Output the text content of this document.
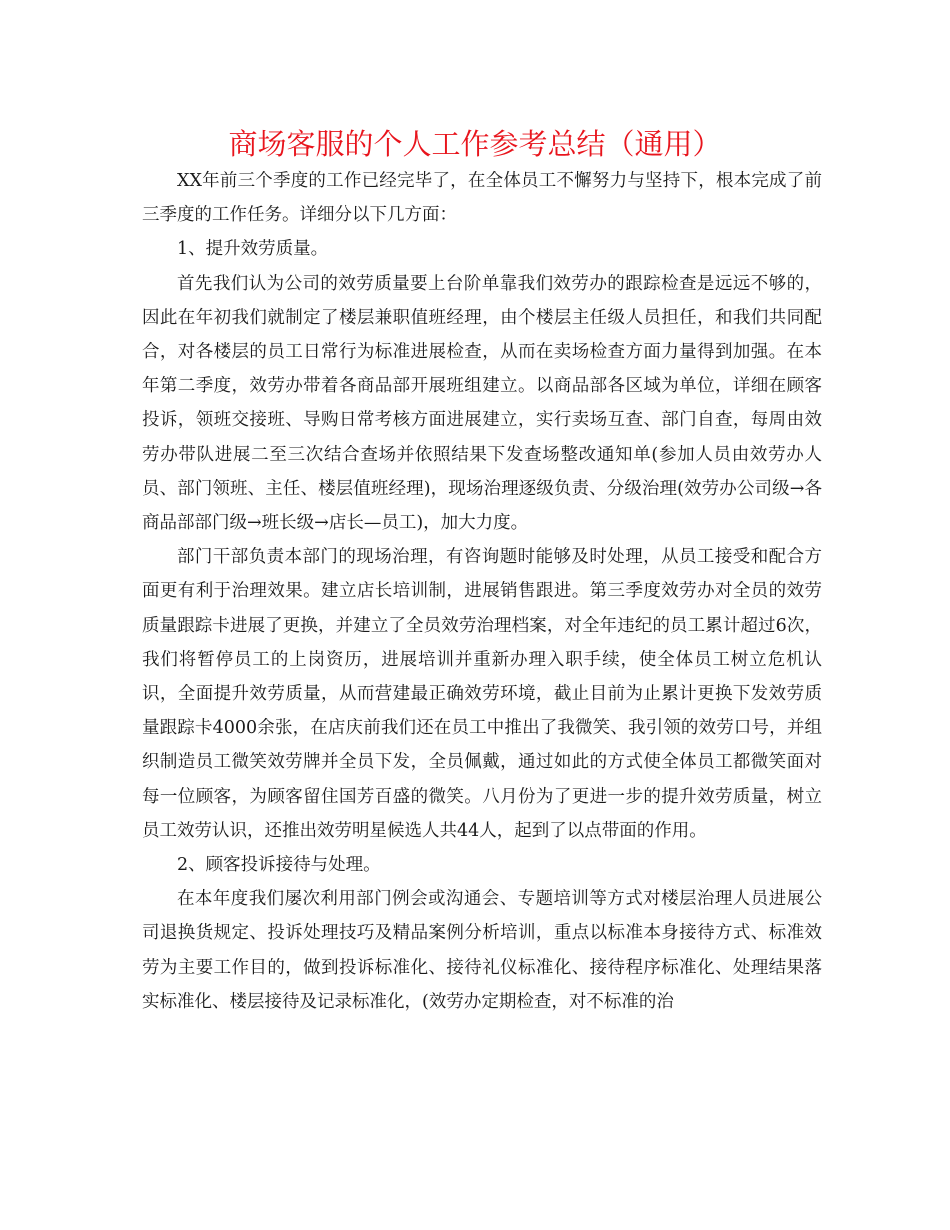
商场客服的个人工作参考总结（通用）

XX年前三个季度的工作已经完毕了，在全体员工不懈努力与坚持下，根本完成了前三季度的工作任务。详细分以下几方面：

1、提升效劳质量。

首先我们认为公司的效劳质量要上台阶单靠我们效劳办的跟踪检查是远远不够的，因此在年初我们就制定了楼层兼职值班经理，由个楼层主任级人员担任，和我们共同配合，对各楼层的员工日常行为标准进展检查，从而在卖场检查方面力量得到加强。在本年第二季度，效劳办带着各商品部开展班组建立。以商品部各区域为单位，详细在顾客投诉，领班交接班、导购日常考核方面进展建立，实行卖场互查、部门自查，每周由效劳办带队进展二至三次结合查场并依照结果下发查场整改通知单(参加人员由效劳办人员、部门领班、主任、楼层值班经理)，现场治理逐级负责、分级治理(效劳办公司级→各商品部部门级→班长级→店长—员工)，加大力度。

部门干部负责本部门的现场治理，有咨询题时能够及时处理，从员工接受和配合方面更有利于治理效果。建立店长培训制，进展销售跟进。第三季度效劳办对全员的效劳质量跟踪卡进展了更换，并建立了全员效劳治理档案，对全年违纪的员工累计超过6次，我们将暂停员工的上岗资历，进展培训并重新办理入职手续，使全体员工树立危机认识，全面提升效劳质量，从而营建最正确效劳环境，截止目前为止累计更换下发效劳质量跟踪卡4000余张，在店庆前我们还在员工中推出了我微笑、我引领的效劳口号，并组织制造员工微笑效劳牌并全员下发，全员佩戴，通过如此的方式使全体员工都微笑面对每一位顾客，为顾客留住国芳百盛的微笑。八月份为了更进一步的提升效劳质量，树立员工效劳认识，还推出效劳明星候选人共44人，起到了以点带面的作用。

2、顾客投诉接待与处理。

在本年度我们屡次利用部门例会或沟通会、专题培训等方式对楼层治理人员进展公司退换货规定、投诉处理技巧及精品案例分析培训，重点以标准本身接待方式、标准效劳为主要工作目的，做到投诉标准化、接待礼仪标准化、接待程序标准化、处理结果落实标准化、楼层接待及记录标准化，(效劳办定期检查，对不标准的治
